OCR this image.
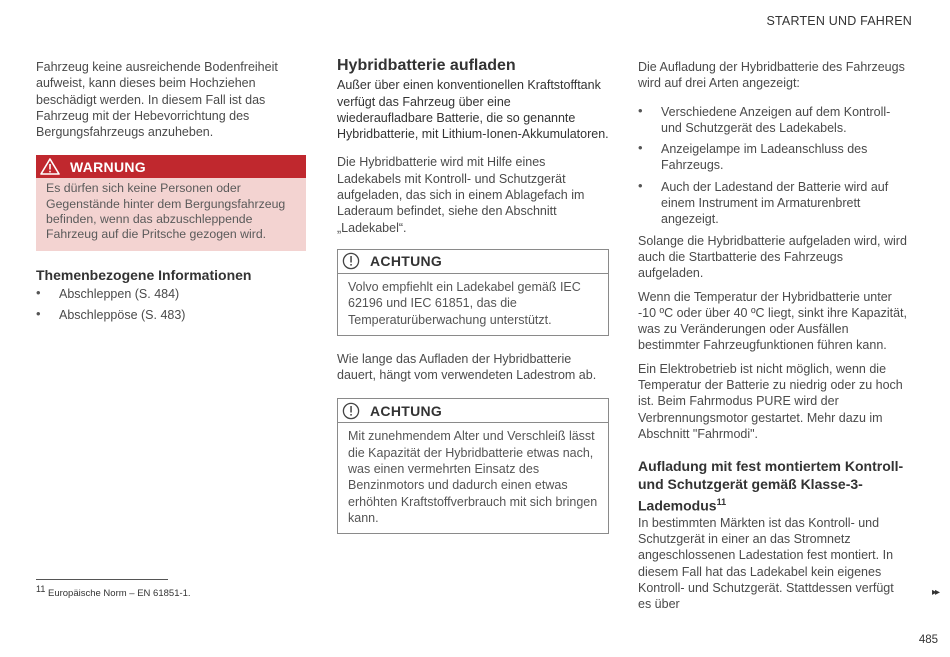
STARTEN UND FAHREN

Fahrzeug keine ausreichende Bodenfreiheit aufweist, kann dieses beim Hochziehen beschädigt werden. In diesem Fall ist das Fahrzeug mit der Hebevorrichtung des Bergungsfahrzeugs anzuheben.

WARNUNG
Es dürfen sich keine Personen oder Gegenstände hinter dem Bergungsfahrzeug befinden, wenn das abzuschleppende Fahrzeug auf die Pritsche gezogen wird.
Themenbezogene Informationen
• Abschleppen (S. 484)
• Abschleppöse (S. 483)
Hybridbatterie aufladen

Außer über einen konventionellen Kraftstofftank verfügt das Fahrzeug über eine wiederaufladbare Batterie, die so genannte Hybridbatterie, mit Lithium-Ionen-Akkumulatoren.

Die Hybridbatterie wird mit Hilfe eines Ladekabels mit Kontroll- und Schutzgerät aufgeladen, das sich in einem Ablagefach im Laderaum befindet, siehe den Abschnitt „Ladekabel“.

ACHTUNG
Volvo empfiehlt ein Ladekabel gemäß IEC 62196 und IEC 61851, das die Temperaturüberwachung unterstützt.

Wie lange das Aufladen der Hybridbatterie dauert, hängt vom verwendeten Ladestrom ab.

ACHTUNG
Mit zunehmendem Alter und Verschleiß lässt die Kapazität der Hybridbatterie etwas nach, was einen vermehrten Einsatz des Benzinmotors und dadurch einen etwas erhöhten Kraftstoffverbrauch mit sich bringen kann.

Die Aufladung der Hybridbatterie des Fahrzeugs wird auf drei Arten angezeigt:

• Verschiedene Anzeigen auf dem Kontroll- und Schutzgerät des Ladekabels.
• Anzeigelampe im Ladeanschluss des Fahrzeugs.
• Auch der Ladestand der Batterie wird auf einem Instrument im Armaturenbrett angezeigt.

Solange die Hybridbatterie aufgeladen wird, wird auch die Startbatterie des Fahrzeugs aufgeladen.

Wenn die Temperatur der Hybridbatterie unter -10 ºC oder über 40 ºC liegt, sinkt ihre Kapazität, was zu Veränderungen oder Ausfällen bestimmter Fahrzeugfunktionen führen kann.

Ein Elektrobetrieb ist nicht möglich, wenn die Temperatur der Batterie zu niedrig oder zu hoch ist. Beim Fahrmodus PURE wird der Verbrennungsmotor gestartet. Mehr dazu im Abschnitt "Fahrmodi".

Aufladung mit fest montiertem Kontroll- und Schutzgerät gemäß Klasse-3-Lademodus$^{11}$

In bestimmten Märkten ist das Kontroll- und Schutzgerät in einer an das Stromnetz angeschlossenen Ladestation fest montiert. In diesem Fall hat das Ladekabel kein eigenes Kontroll- und Schutzgerät. Stattdessen verfügt es über

$^{11}$ Europäische Norm – EN 61851-1.	▸▸
485
